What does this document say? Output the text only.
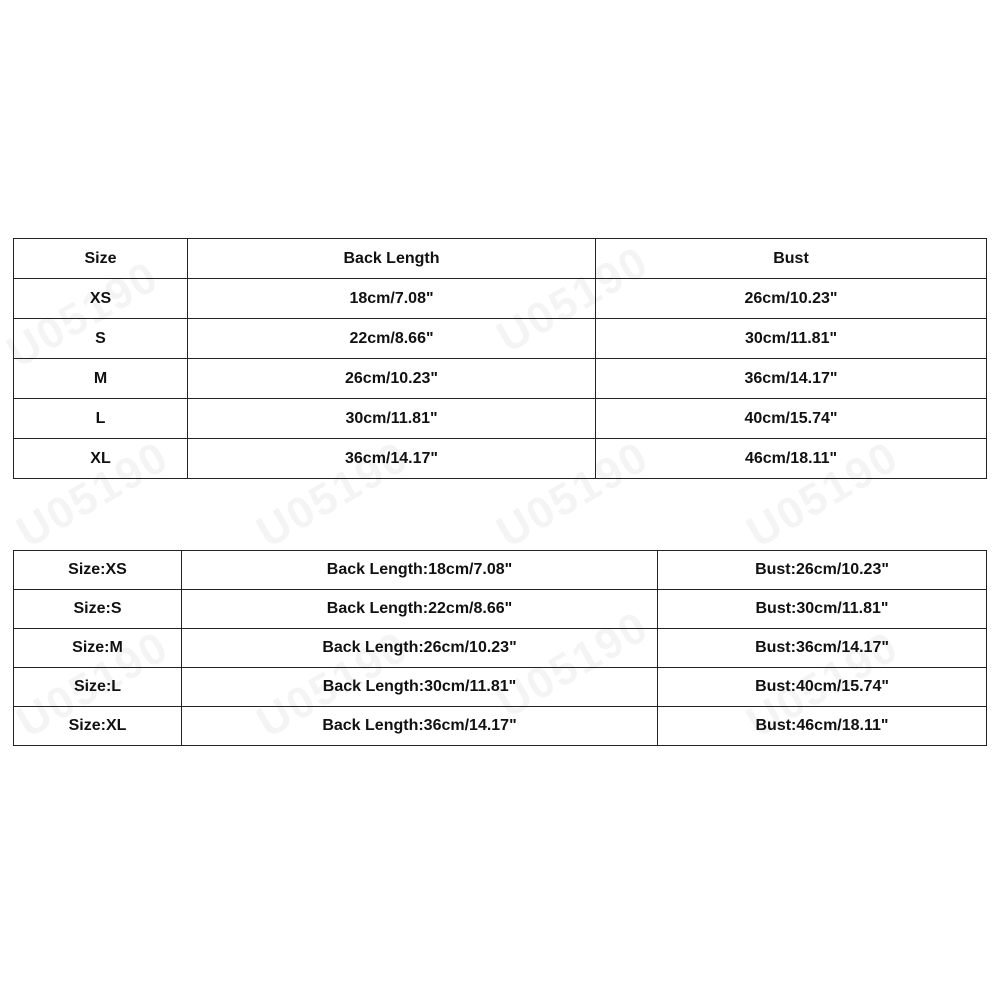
Size	Back Length	Bust
XS	18cm/7.08"	26cm/10.23"
S	22cm/8.66"	30cm/11.81"
M	26cm/10.23"	36cm/14.17"
L	30cm/11.81"	40cm/15.74"
XL	36cm/14.17"	46cm/18.11"
Size:XS	Back Length:18cm/7.08"	Bust:26cm/10.23"
Size:S	Back Length:22cm/8.66"	Bust:30cm/11.81"
Size:M	Back Length:26cm/10.23"	Bust:36cm/14.17"
Size:L	Back Length:30cm/11.81"	Bust:40cm/15.74"
Size:XL	Back Length:36cm/14.17"	Bust:46cm/18.11"
